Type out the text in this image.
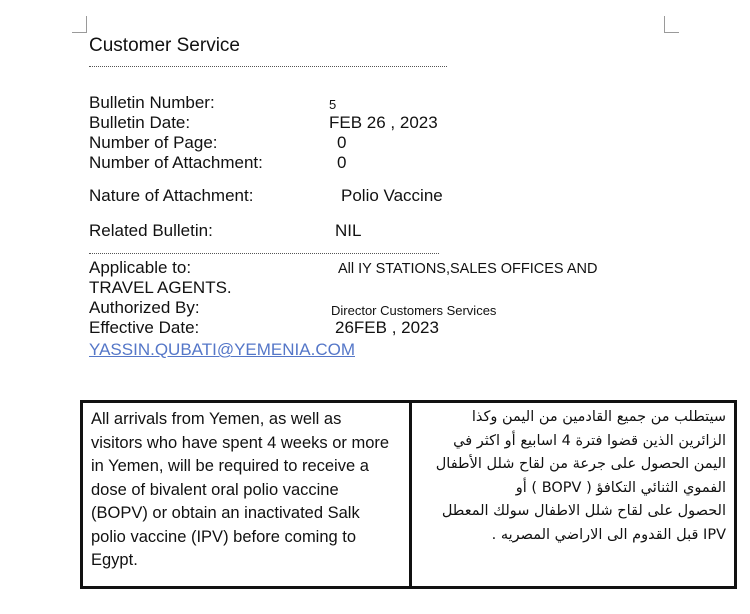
Customer Service
Bulletin Number:	5
Bulletin Date:	FEB 26 , 2023
Number of Page:	0
Number of Attachment:	0
Nature of Attachment:	Polio Vaccine
Related Bulletin:	NIL
Applicable to:	All IY STATIONS,SALES OFFICES AND
TRAVEL AGENTS.
Authorized By:	Director Customers Services
Effective Date:	26FEB , 2023
YASSIN.QUBATI@YEMENIA.COM
All arrivals from Yemen, as well as
visitors who have spent 4 weeks or more
in Yemen, will be required to receive a
dose of bivalent oral polio vaccine
(BOPV) or obtain an inactivated Salk
polio vaccine (IPV) before coming to
Egypt.
سيتطلب من جميع القادمين من اليمن وكذا
الزائرين الذين قضوا فترة 4 اسابيع أو اكثر في
اليمن الحصول على جرعة من لقاح شلل الأطفال
الفموي الثنائي التكافؤ ( BOPV ) أو
الحصول على لقاح شلل الاطفال سولك المعطل
IPV قبل القدوم الى الاراضي المصريه .
